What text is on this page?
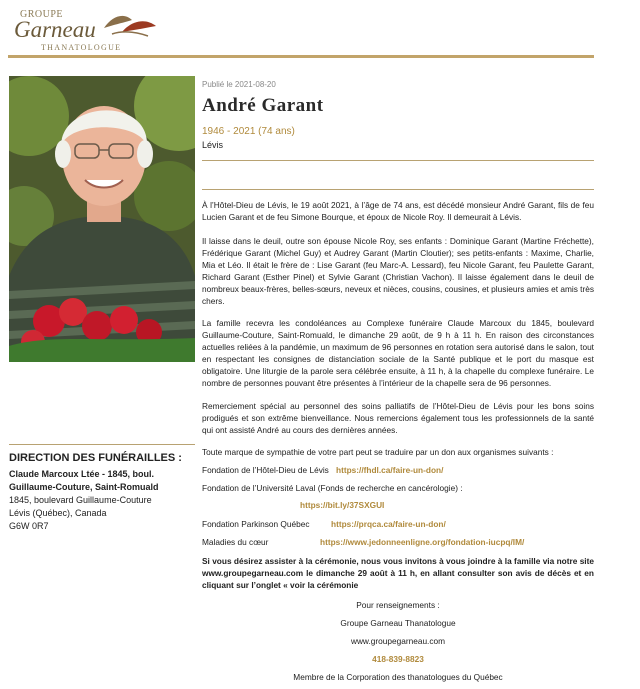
GROUPE
Garneau
THANATOLOGUE
DIRECTION DES FUNÉRAILLES :
Claude Marcoux Ltée - 1845, boul. Guillaume-Couture, Saint-Romuald
1845, boulevard Guillaume-Couture
Lévis (Québec), Canada
G6W 0R7
Publié le 2021-08-20
André Garant
1946 - 2021 (74 ans)
Lévis

À l’Hôtel-Dieu de Lévis, le 19 août 2021, à l’âge de 74 ans, est décédé monsieur André Garant, fils de feu Lucien Garant et de feu Simone Bourque, et époux de Nicole Roy. Il demeurait à Lévis.

Il laisse dans le deuil, outre son épouse Nicole Roy, ses enfants : Dominique Garant (Martine Fréchette), Frédérique Garant (Michel Guy) et Audrey Garant (Martin Cloutier); ses petits-enfants : Maxime, Charlie, Mia et Léo. Il était le frère de : Lise Garant (feu Marc-A. Lessard), feu Nicole Garant, feu Paulette Garant, Richard Garant (Esther Pinel) et Sylvie Garant (Christian Vachon). Il laisse également dans le deuil de nombreux beaux-frères, belles-sœurs, neveux et nièces, cousins, cousines, et plusieurs amies et amis très chers.

La famille recevra les condoléances au Complexe funéraire Claude Marcoux du 1845, boulevard Guillaume-Couture, Saint-Romuald, le dimanche 29 août, de 9 h à 11 h. En raison des circonstances actuelles reliées à la pandémie, un maximum de 96 personnes en rotation sera autorisé dans le salon, tout en respectant les consignes de distanciation sociale de la Santé publique et le port du masque est obligatoire. Une liturgie de la parole sera célébrée ensuite, à 11 h, à la chapelle du complexe funéraire. Le nombre de personnes pouvant être présentes à l’intérieur de la chapelle sera de 96 personnes.

Remerciement spécial au personnel des soins palliatifs de l’Hôtel-Dieu de Lévis pour les bons soins prodigués et son extrême bienveillance. Nous remercions également tous les professionnels de la santé qui ont assisté André au cours des dernières années.

Toute marque de sympathie de votre part peut se traduire par un don aux organismes suivants :

Fondation de l’Hôtel-Dieu de Lévis https://fhdl.ca/faire-un-don/
Fondation de l’Université Laval (Fonds de recherche en cancérologie) :
https://bit.ly/37SXGUI
Fondation Parkinson Québec	https://prqca.ca/faire-un-don/
Maladies du cœur	https://www.jedonneenligne.org/fondation-iucpq/IM/

Si vous désirez assister à la cérémonie, nous vous invitons à vous joindre à la famille via notre site www.groupegarneau.com le dimanche 29 août à 11 h, en allant consulter son avis de décès et en cliquant sur l’onglet « voir la cérémonie

Pour renseignements :
Groupe Garneau Thanatologue
www.groupegarneau.com
418-839-8823
Membre de la Corporation des thanatologues du Québec
